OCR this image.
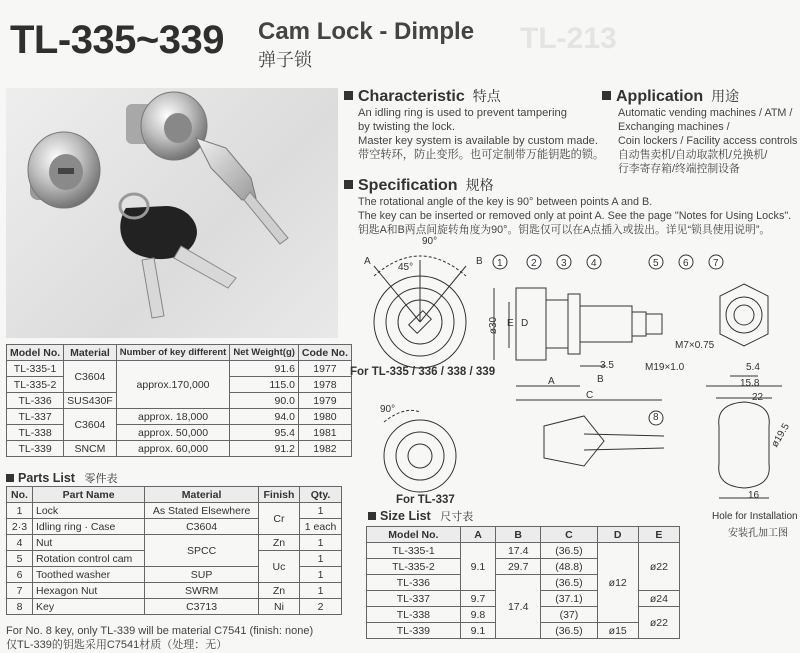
TL-335~339 Cam Lock - Dimple
弹子锁
TL-213
Model No.	Material	Number of key different	Net Weight(g)	Code No.
TL-335-1	C3604	approx.170,000	91.6	1977
TL-335-2			115.0	1978
TL-336	SUS430F		90.0	1979
TL-337	C3604	approx. 18,000	94.0	1980
TL-338		approx. 50,000	95.4	1981
TL-339	SNCM	approx. 60,000	91.2	1982
Parts List 零件表
No.	Part Name	Material	Finish	Qty.
1	Lock	As Stated Elsewhere	Cr	1
2·3	Idling ring · Case	C3604		1 each
4	Nut	SPCC	Zn	1
5	Rotation control cam		Uc	1
6	Toothed washer	SUP		1
7	Hexagon Nut	SWRM	Zn	1
8	Key	C3713	Ni	2
For No. 8 key, only TL-339 will be material C7541 (finish: none)
仅TL-339的钥匙采用C7541材质（处理：无）
Characteristic 特点
An idling ring is used to prevent tampering
by twisting the lock.
Master key system is available by custom made.
带空转环，防止变形。也可定制带万能钥匙的锁。
Application 用途
Automatic vending machines / ATM /
Exchanging machines /
Coin lockers / Facility access controls
自动售卖机/自动取款机/兑换机/
行李寄存箱/终端控制设备
Specification 规格
The rotational angle of the key is 90° between points A and B.
The key can be inserted or removed only at point A. See the page "Notes for Using Locks".
钥匙A和B两点间旋转角度为90°。钥匙仅可以在A点插入或拔出。详见“锁具使用说明”。
1	2 3 4	5 6 7
8
90°
45°
A	B
ø30 E D
A
C
B
3.5
M7×0.75
M19×1.0	5.4
15.8
22
ø19.5
16
90°
For TL-335 / 336 / 338 / 339
For TL-337
Hole for Installation
安装孔加工图
Size List 尺寸表
Model No.	A	B	C	D	E
TL-335-1	9.1	17.4	(36.5)	ø12	ø22
TL-335-2		29.7	(48.8)		
TL-336		17.4	(36.5)		
TL-337	9.7		(37.1)		ø24
TL-338	9.8		(37)		ø22
TL-339	9.1		(36.5)	ø15	
